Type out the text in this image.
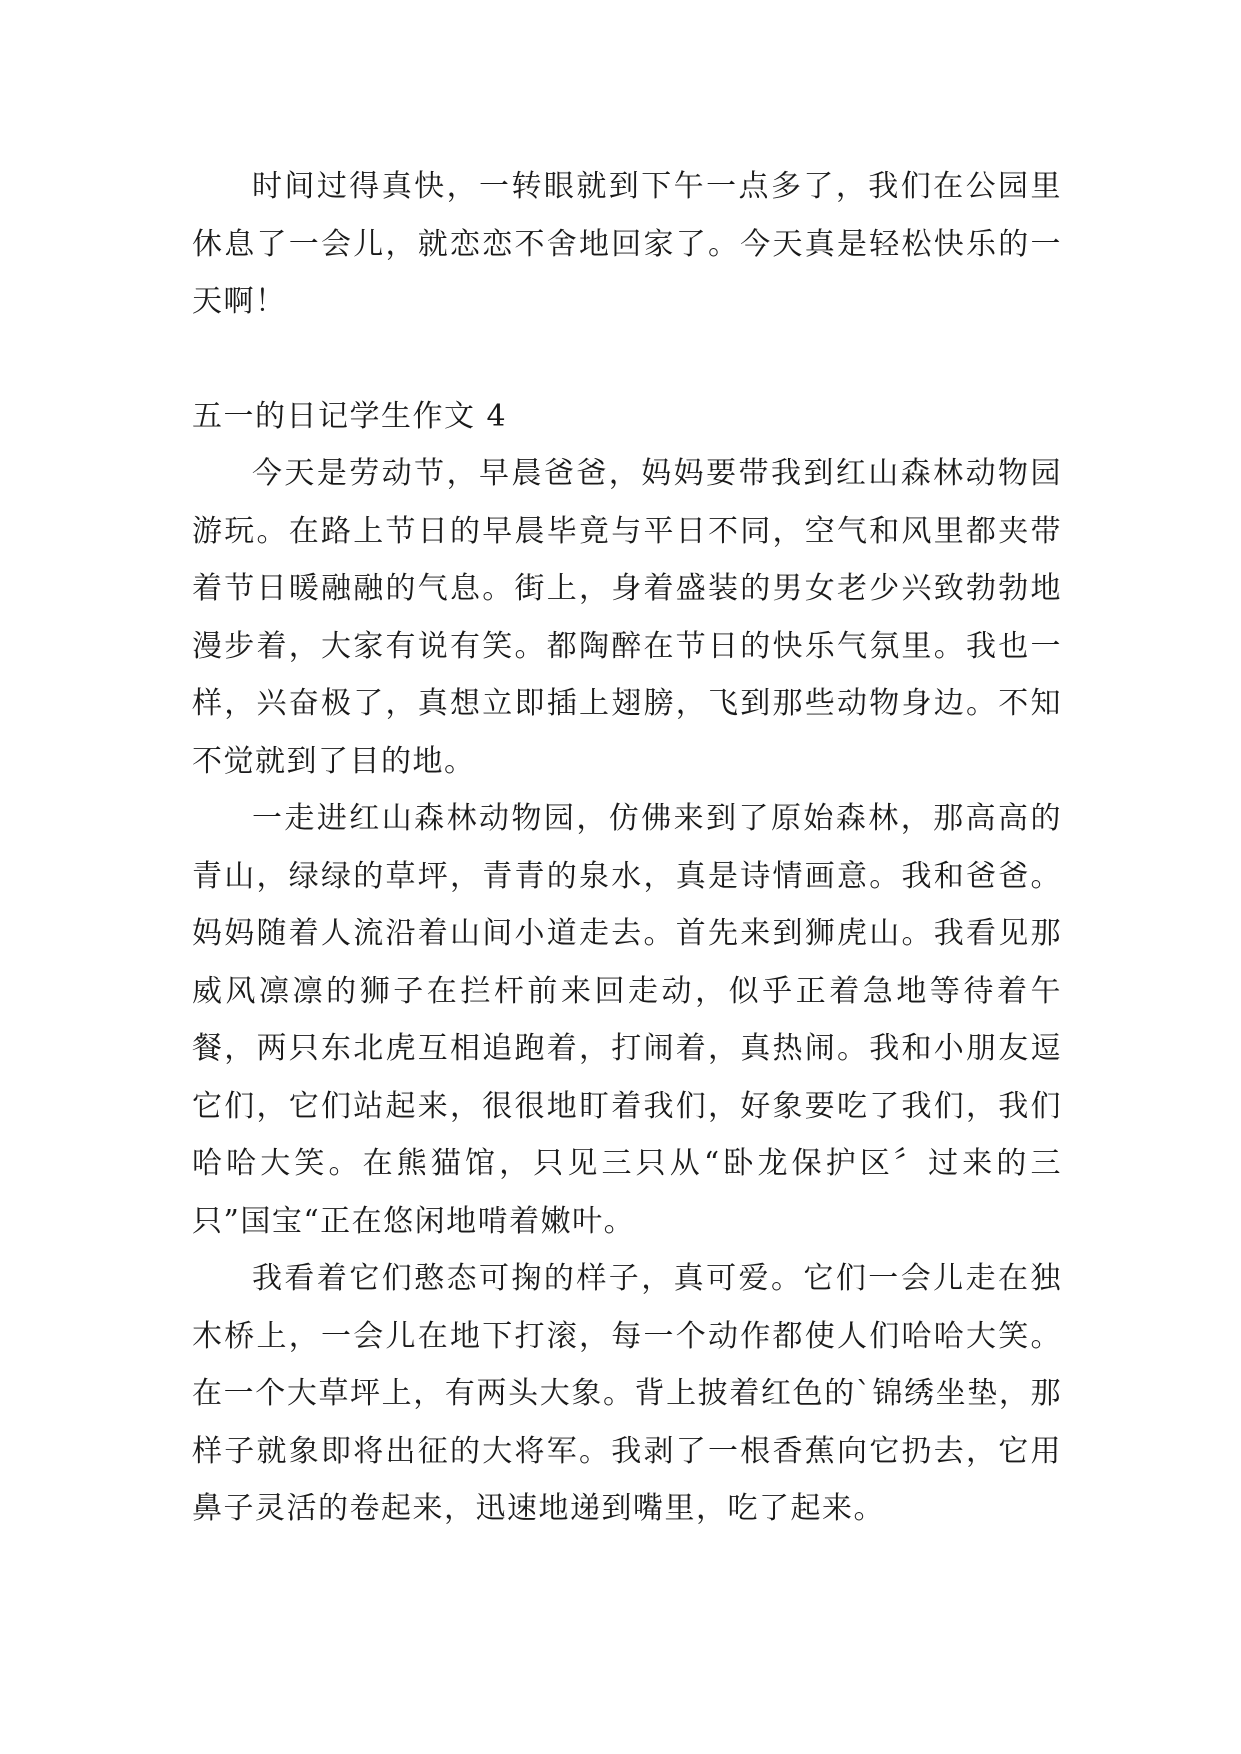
时间过得真快，一转眼就到下午一点多了，我们在公园里休息了一会儿，就恋恋不舍地回家了。今天真是轻松快乐的一天啊！

五一的日记学生作文 4

今天是劳动节，早晨爸爸，妈妈要带我到红山森林动物园游玩。在路上节日的早晨毕竟与平日不同，空气和风里都夹带着节日暖融融的气息。街上，身着盛装的男女老少兴致勃勃地漫步着，大家有说有笑。都陶醉在节日的快乐气氛里。我也一样，兴奋极了，真想立即插上翅膀，飞到那些动物身边。不知不觉就到了目的地。

一走进红山森林动物园，仿佛来到了原始森林，那高高的青山，绿绿的草坪，青青的泉水，真是诗情画意。我和爸爸。妈妈随着人流沿着山间小道走去。首先来到狮虎山。我看见那威风凛凛的狮子在拦杆前来回走动，似乎正着急地等待着午餐，两只东北虎互相追跑着，打闹着，真热闹。我和小朋友逗它们，它们站起来，很很地盯着我们，好象要吃了我们，我们哈哈大笑。在熊猫馆，只见三只从“卧龙保护区〞过来的三只”国宝“正在悠闲地啃着嫩叶。

我看着它们憨态可掬的样子，真可爱。它们一会儿走在独木桥上，一会儿在地下打滚，每一个动作都使人们哈哈大笑。在一个大草坪上，有两头大象。背上披着红色的`锦绣坐垫，那样子就象即将出征的大将军。我剥了一根香蕉向它扔去，它用鼻子灵活的卷起来，迅速地递到嘴里，吃了起来。
